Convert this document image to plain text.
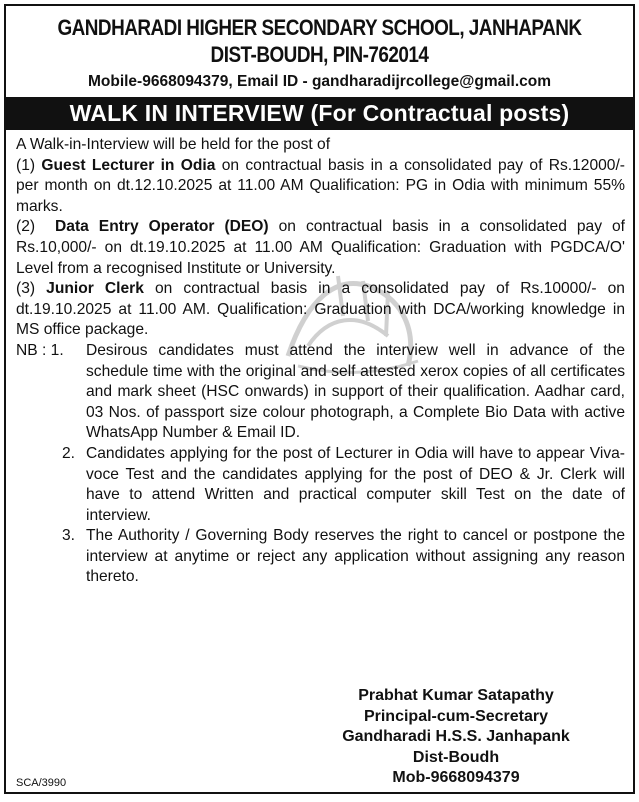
GANDHARADI HIGHER SECONDARY SCHOOL, JANHAPANK
DIST-BOUDH, PIN-762014
Mobile-9668094379, Email ID - gandharadijrcollege@gmail.com
WALK IN INTERVIEW (For Contractual posts)

A Walk-in-Interview will be held for the post of

(1) Guest Lecturer in Odia on contractual basis in a consolidated pay of Rs.12000/- per month on dt.12.10.2025 at 11.00 AM Qualification: PG in Odia with minimum 55% marks.

(2) Data Entry Operator (DEO) on contractual basis in a consolidated pay of Rs.10,000/- on dt.19.10.2025 at 11.00 AM Qualification: Graduation with PGDCA/O' Level from a recognised Institute or University.

(3) Junior Clerk on contractual basis in a consolidated pay of Rs.10000/- on dt.19.10.2025 at 11.00 AM. Qualification: Graduation with DCA/working knowledge in MS office package.

NB : 1.	Desirous candidates must attend the interview well in advance of the schedule time with the original and self attested xerox copies of all certificates and mark sheet (HSC onwards) in support of their qualification. Aadhar card, 03 Nos. of passport size colour photograph, a Complete Bio Data with active WhatsApp Number & Email ID.
2. Candidates applying for the post of Lecturer in Odia will have to appear Viva-voce Test and the candidates applying for the post of DEO & Jr. Clerk will have to attend Written and practical computer skill Test on the date of interview.
3. The Authority / Governing Body reserves the right to cancel or postpone the interview at anytime or reject any application without assigning any reason thereto.
Prabhat Kumar Satapathy
Principal-cum-Secretary
Gandharadi H.S.S. Janhapank
Dist-Boudh
Mob-9668094379
SCA/3990
